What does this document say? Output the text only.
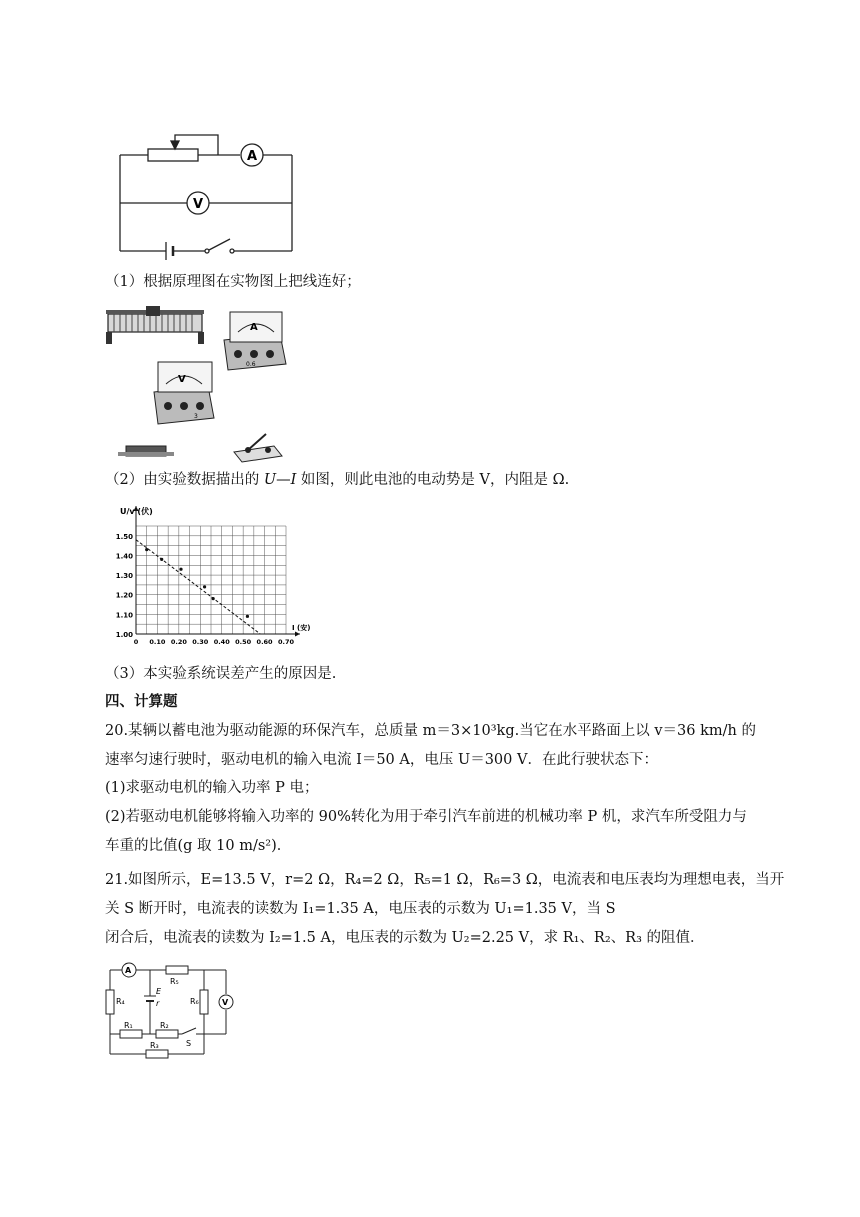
A
V
（1）根据原理图在实物图上把线连好；
A
0.6
V
3
（2）由实验数据描出的 U—I 如图，则此电池的电动势是 V，内阻是 Ω.
1.50
1.40
1.30
1.20
1.10
1.00
0 0.10 0.20 0.30 0.40 0.50 0.60 0.70
U/v (伏)
I (安)
（3）本实验系统误差产生的原因是.
四、计算题
20.某辆以蓄电池为驱动能源的环保汽车，总质量 m＝3×10³kg.当它在水平路面上以 v＝36 km/h 的
速率匀速行驶时，驱动电机的输入电流 I＝50 A，电压 U＝300 V．在此行驶状态下：
(1)求驱动电机的输入功率 P 电；
(2)若驱动电机能够将输入功率的 90%转化为用于牵引汽车前进的机械功率 P 机，求汽车所受阻力与
车重的比值(g 取 10 m/s²)．
21.如图所示，E=13.5 V，r=2 Ω，R₄=2 Ω，R₅=1 Ω，R₆=3 Ω，电流表和电压表均为理想电表，当开
关 S 断开时，电流表的读数为 I₁=1.35 A，电压表的示数为 U₁=1.35 V，当 S
闭合后，电流表的读数为 I₂=1.5 A，电压表的示数为 U₂=2.25 V，求 R₁、R₂、R₃ 的阻值．
A
V
R₄
R₅
R₆
R₁	R₂
R₃
E
r
S
